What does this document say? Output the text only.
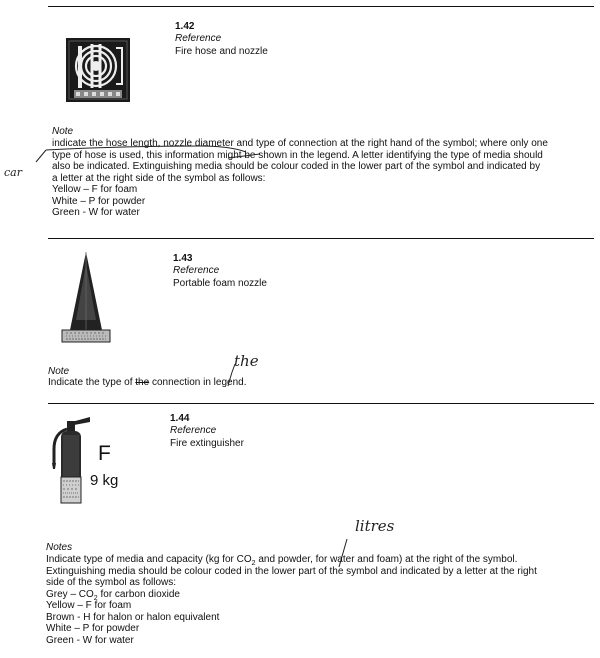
1.42
Reference
Fire hose and nozzle
Note
indicate the hose length, nozzle diameter and type of connection at the right hand of the symbol; where only one
type of hose is used, this information might be shown in the legend. A letter identifying the type of media should
also be indicated. Extinguishing media should be colour coded in the lower part of the symbol and indicated by
a letter at the right side of the symbol as follows:
Yellow – F for foam
White – P for powder
Green - W for water
car
1.43
Reference
Portable foam nozzle
Note
Indicate the type of the connection in legend.
the
F
9 kg
1.44
Reference
Fire extinguisher
litres
Notes
Indicate type of media and capacity (kg for $CO_2$ and powder, for water and foam) at the right of the symbol.
Extinguishing media should be colour coded in the lower part of the symbol and indicated by a letter at the right
side of the symbol as follows:
Grey – $CO_2$ for carbon dioxide
Yellow – F for foam
Brown - H for halon or halon equivalent
White – P for powder
Green - W for water
